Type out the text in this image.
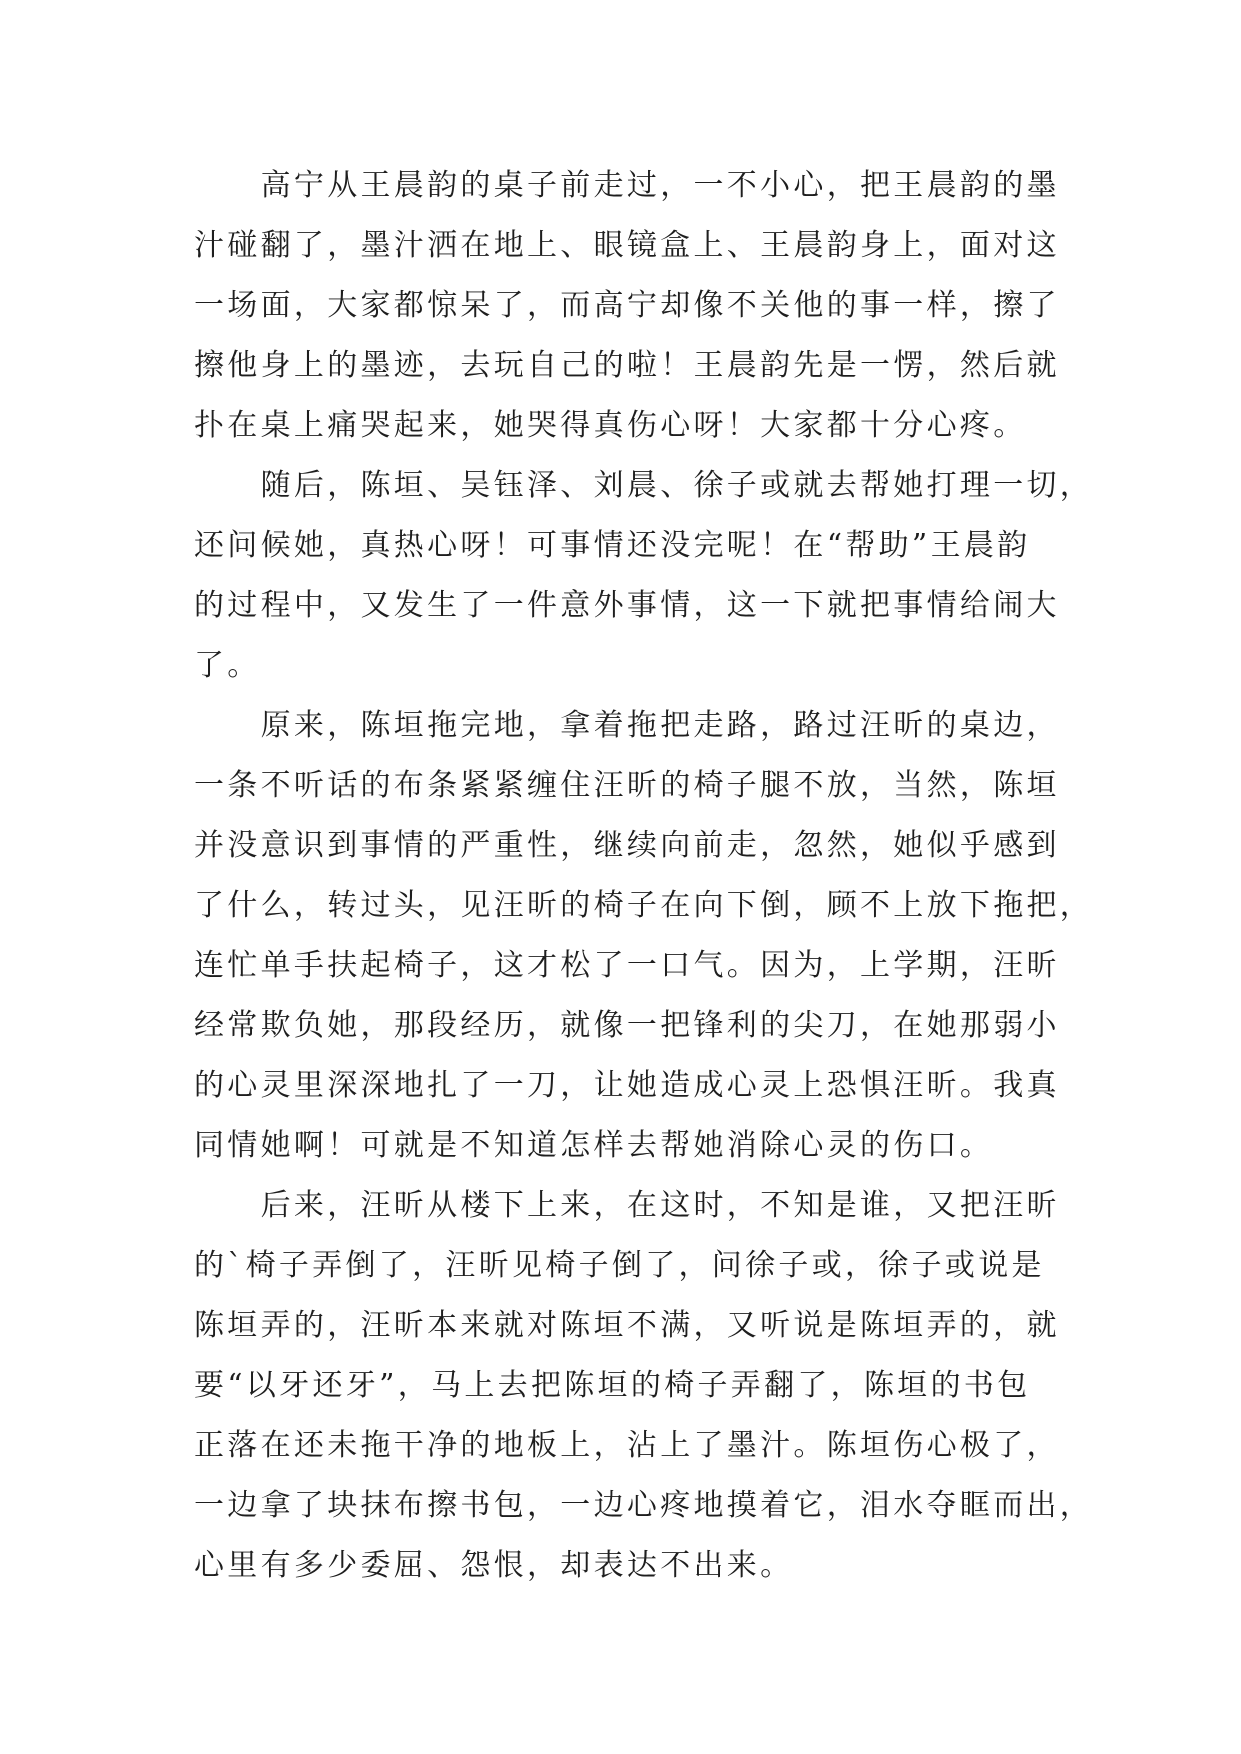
高宁从王晨韵的桌子前走过，一不小心，把王晨韵的墨
汁碰翻了，墨汁洒在地上、眼镜盒上、王晨韵身上，面对这
一场面，大家都惊呆了，而高宁却像不关他的事一样，擦了
擦他身上的墨迹，去玩自己的啦！王晨韵先是一愣，然后就
扑在桌上痛哭起来，她哭得真伤心呀！大家都十分心疼。
随后，陈垣、吴钰泽、刘晨、徐子或就去帮她打理一切，
还问候她，真热心呀！可事情还没完呢！在“帮助”王晨韵
的过程中，又发生了一件意外事情，这一下就把事情给闹大
了。
原来，陈垣拖完地，拿着拖把走路，路过汪昕的桌边，
一条不听话的布条紧紧缠住汪昕的椅子腿不放，当然，陈垣
并没意识到事情的严重性，继续向前走，忽然，她似乎感到
了什么，转过头，见汪昕的椅子在向下倒，顾不上放下拖把，
连忙单手扶起椅子，这才松了一口气。因为，上学期，汪昕
经常欺负她，那段经历，就像一把锋利的尖刀，在她那弱小
的心灵里深深地扎了一刀，让她造成心灵上恐惧汪昕。我真
同情她啊！可就是不知道怎样去帮她消除心灵的伤口。
后来，汪昕从楼下上来，在这时，不知是谁，又把汪昕
的`椅子弄倒了，汪昕见椅子倒了，问徐子或，徐子或说是
陈垣弄的，汪昕本来就对陈垣不满，又听说是陈垣弄的，就
要“以牙还牙”，马上去把陈垣的椅子弄翻了，陈垣的书包
正落在还未拖干净的地板上，沾上了墨汁。陈垣伤心极了，
一边拿了块抹布擦书包，一边心疼地摸着它，泪水夺眶而出，
心里有多少委屈、怨恨，却表达不出来。
